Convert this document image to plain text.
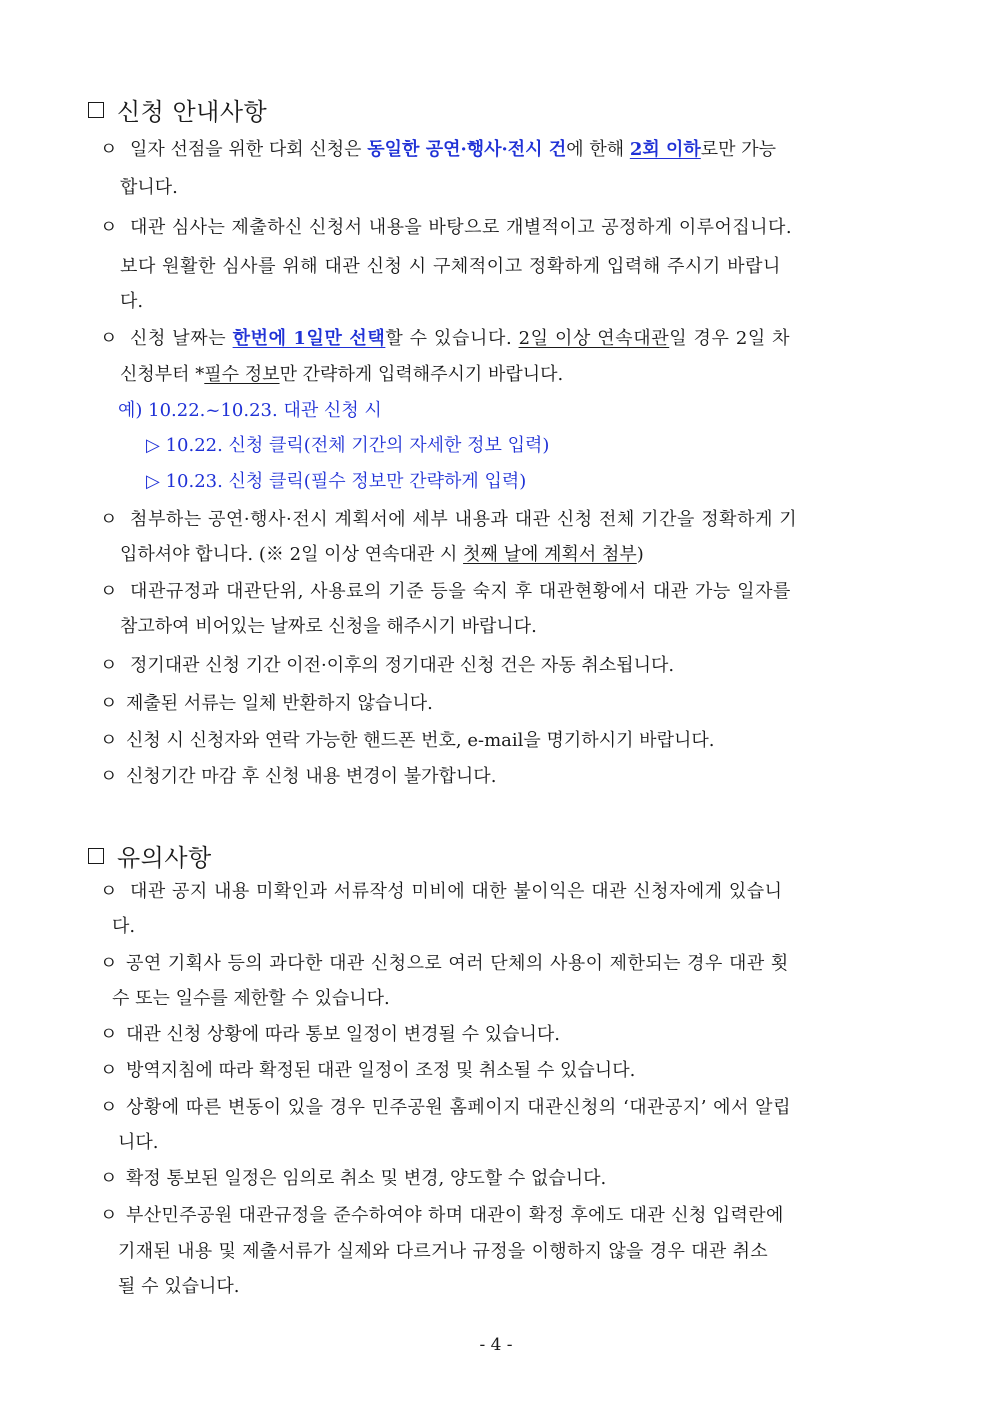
신청 안내사항
ㅇ 일자 선점을 위한 다회 신청은 동일한 공연·행사·전시 건에 한해 2회 이하로만 가능
합니다.
ㅇ 대관 심사는 제출하신 신청서 내용을 바탕으로 개별적이고 공정하게 이루어집니다.
보다 원활한 심사를 위해 대관 신청 시 구체적이고 정확하게 입력해 주시기 바랍니
다.
ㅇ 신청 날짜는 한번에 1일만 선택할 수 있습니다. 2일 이상 연속대관일 경우 2일 차
신청부터 *필수 정보만 간략하게 입력해주시기 바랍니다.
예) 10.22.~10.23. 대관 신청 시
▷ 10.22. 신청 클릭(전체 기간의 자세한 정보 입력)
▷ 10.23. 신청 클릭(필수 정보만 간략하게 입력)
ㅇ 첨부하는 공연·행사·전시 계획서에 세부 내용과 대관 신청 전체 기간을 정확하게 기
입하셔야 합니다. (※ 2일 이상 연속대관 시 첫째 날에 계획서 첨부)
ㅇ 대관규정과 대관단위, 사용료의 기준 등을 숙지 후 대관현황에서 대관 가능 일자를
참고하여 비어있는 날짜로 신청을 해주시기 바랍니다.
ㅇ 정기대관 신청 기간 이전·이후의 정기대관 신청 건은 자동 취소됩니다.
ㅇ 제출된 서류는 일체 반환하지 않습니다.
ㅇ 신청 시 신청자와 연락 가능한 핸드폰 번호, e-mail을 명기하시기 바랍니다.
ㅇ 신청기간 마감 후 신청 내용 변경이 불가합니다.
유의사항
ㅇ 대관 공지 내용 미확인과 서류작성 미비에 대한 불이익은 대관 신청자에게 있습니
다.
ㅇ 공연 기획사 등의 과다한 대관 신청으로 여러 단체의 사용이 제한되는 경우 대관 횟
수 또는 일수를 제한할 수 있습니다.
ㅇ 대관 신청 상황에 따라 통보 일정이 변경될 수 있습니다.
ㅇ 방역지침에 따라 확정된 대관 일정이 조정 및 취소될 수 있습니다.
ㅇ 상황에 따른 변동이 있을 경우 민주공원 홈페이지 대관신청의 ‘대관공지’ 에서 알립
니다.
ㅇ 확정 통보된 일정은 임의로 취소 및 변경, 양도할 수 없습니다.
ㅇ 부산민주공원 대관규정을 준수하여야 하며 대관이 확정 후에도 대관 신청 입력란에
기재된 내용 및 제출서류가 실제와 다르거나 규정을 이행하지 않을 경우 대관 취소
될 수 있습니다.
- 4 -
